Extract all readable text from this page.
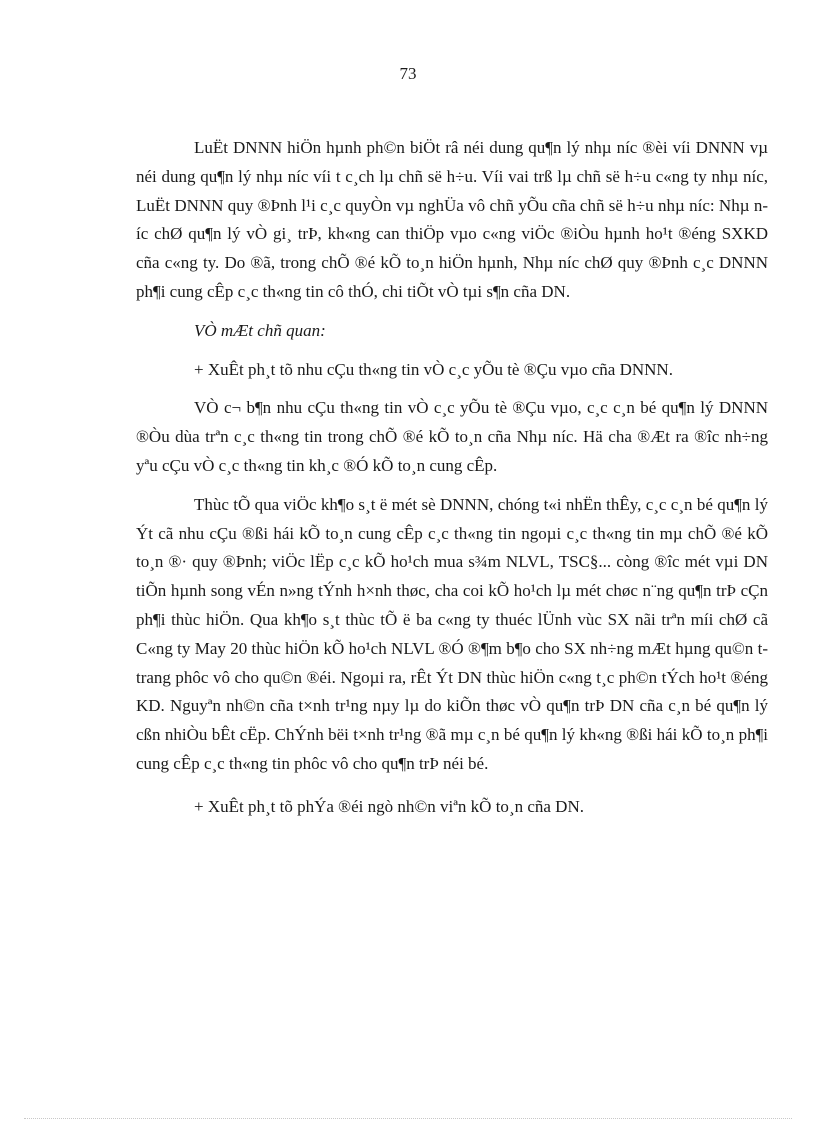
73

LuËt DNNN hiÖn hµnh ph©n biÖt râ néi dung qu¶n lý nhµ níc ®èi víi DNNN vµ néi dung qu¶n lý nhµ níc víi t c¸ch lµ chñ së h÷u. Víi vai trß lµ chñ së h÷u c«ng ty nhµ níc, LuËt DNNN quy ®Þnh l¹i c¸c quyÒn vµ nghÜa vô chñ yÕu cña chñ së h÷u nhµ níc: Nhµ níc chØ qu¶n lý vÒ gi¸ trÞ, kh«ng can thiÖp vµo c«ng viÖc ®iÒu hµnh ho¹t ®éng SXKD cña c«ng ty. Do ®ã, trong chÕ ®é kÕ to¸n hiÖn hµnh, Nhµ níc chØ quy ®Þnh c¸c DNNN ph¶i cung cÊp c¸c th«ng tin cô thÓ, chi tiÕt vÒ tµi s¶n cña DN.

VÒ mÆt chñ quan:

+ XuÊt ph¸t tõ nhu cÇu th«ng tin vÒ c¸c yÕu tè ®Çu vµo cña DNNN.

VÒ c¬ b¶n nhu cÇu th«ng tin vÒ c¸c yÕu tè ®Çu vµo, c¸c c¸n bé qu¶n lý DNNN ®Òu dùa trªn c¸c th«ng tin trong chÕ ®é kÕ to¸n cña Nhµ níc. Hä cha ®Æt ra ®îc nh÷ng yªu cÇu vÒ c¸c th«ng tin kh¸c ®Ó kÕ to¸n cung cÊp.

Thùc tÕ qua viÖc kh¶o s¸t ë mét sè DNNN, chóng t«i nhËn thÊy, c¸c c¸n bé qu¶n lý Ýt cã nhu cÇu ®ßi hái kÕ to¸n cung cÊp c¸c th«ng tin ngoµi c¸c th«ng tin mµ chÕ ®é kÕ to¸n ®· quy ®Þnh; viÖc lËp c¸c kÕ ho¹ch mua s¾m NLVL, TSC§... còng ®îc mét vµi DN tiÕn hµnh song vÉn n»ng tÝnh h×nh thøc, cha coi kÕ ho¹ch lµ mét chøc n¨ng qu¶n trÞ cÇn ph¶i thùc hiÖn. Qua kh¶o s¸t thùc tÕ ë ba c«ng ty thuéc lÜnh vùc SX nãi trªn míi chØ cã C«ng ty May 20 thùc hiÖn kÕ ho¹ch NLVL ®Ó ®¶m b¶o cho SX nh÷ng mÆt hµng qu©n t trang phôc vô cho qu©n ®éi. Ngoµi ra, rÊt Ýt DN thùc hiÖn c«ng t¸c ph©n tÝch ho¹t ®éng KD. Nguyªn nh©n cña t×nh tr¹ng nµy lµ do kiÕn thøc vÒ qu¶n trÞ DN cña c¸n bé qu¶n lý cßn nhiÒu bÊt cËp. ChÝnh bëi t×nh tr¹ng ®ã mµ c¸n bé qu¶n lý kh«ng ®ßi hái kÕ to¸n ph¶i cung cÊp c¸c th«ng tin phôc vô cho qu¶n trÞ néi bé.

+ XuÊt ph¸t tõ phÝa ®éi ngò nh©n viªn kÕ to¸n cña DN.
